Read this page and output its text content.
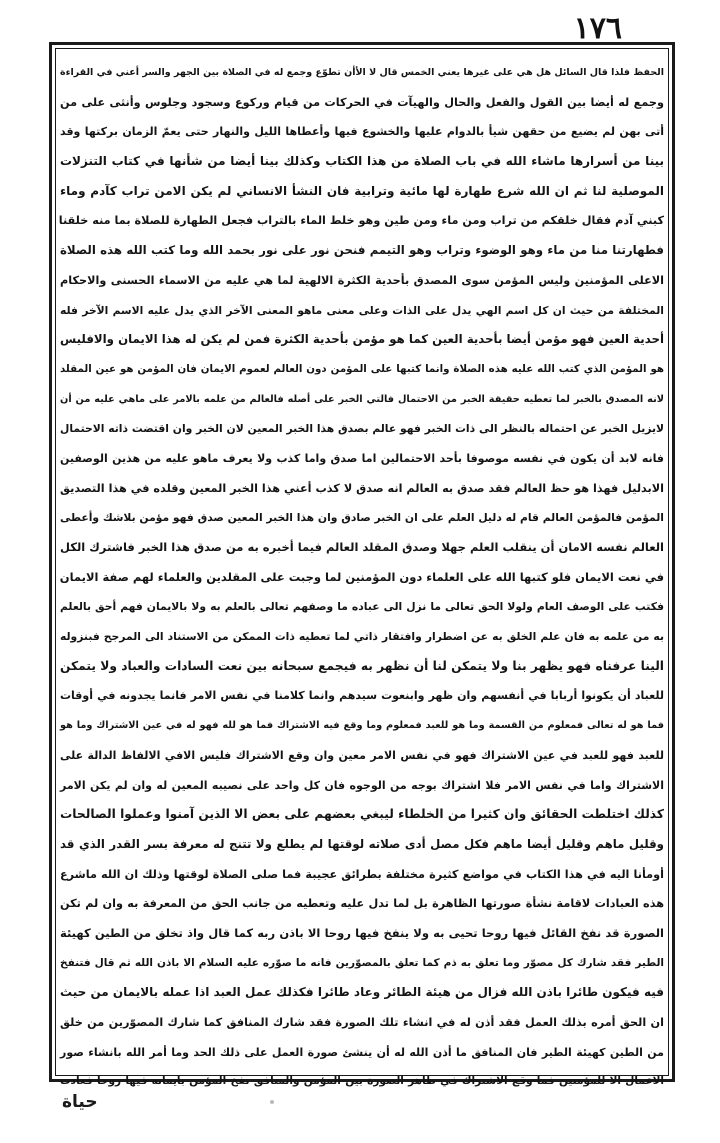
١٧٦
الحفظ فلذا قال السائل هل هي على غيرها يعني الخمس قال لا الأأن تطوّع وجمع له في الصلاة بين الجهر والسر أعني في القراءة
وجمع له أيضا بين القول والفعل والحال والهيآت في الحركات من قيام وركوع وسجود وجلوس وأنثى على من
أتى بهن لم يضيع من حقهن شيأ بالدوام عليها والخشوع فيها وأعطاها الليل والنهار حتى يعمّ الزمان بركتها وقد
بينا من أسرارها ماشاء الله في باب الصلاة من هذا الكتاب وكذلك بينا أيضا من شأنها في كتاب التنزلات
الموصلية لنا ثم ان الله شرع طهارة لها مائية وترابية فان النشأ الانساني لم يكن الامن تراب كآدم وماء
كبني آدم فقال خلقكم من تراب ومن ماء ومن طين وهو خلط الماء بالتراب فجعل الطهارة للصلاة بما منه خلقنا
فطهارتنا منا من ماء وهو الوضوء وتراب وهو التيمم فنحن نور على نور بحمد الله وما كتب الله هذه الصلاة
الاعلى المؤمنين وليس المؤمن سوى المصدق بأحدية الكثرة الالهية لما هي عليه من الاسماء الحسنى والاحكام
المختلفة من حيث ان كل اسم الهي يدل على الذات وعلى معنى ماهو المعنى الآخر الذي يدل عليه الاسم الآخر فله
أحدية العين فهو مؤمن أيضا بأحدية العين كما هو مؤمن بأحدية الكثرة فمن لم يكن له هذا الايمان والافليس
هو المؤمن الذي كتب الله عليه هذه الصلاة وانما كتبها على المؤمن دون العالم لعموم الايمان فان المؤمن هو عين المقلد
لانه المصدق بالخبر لما تعطيه حقيقة الخبر من الاحتمال فالتي الخبر على أصله فالعالم من علمه بالامر على ماهي عليه من أن
لايزيل الخبر عن احتماله بالنظر الى ذات الخبر فهو عالم بصدق هذا الخبر المعين لان الخبر وان اقتضت ذاته الاحتمال
فانه لابد أن يكون في نفسه موصوفا بأحد الاحتمالين اما صدق واما كذب ولا يعرف ماهو عليه من هذين الوصفين
الابدليل فهذا هو حظ العالم فقد صدق به العالم انه صدق لا كذب أعني هذا الخبر المعين وقلده في هذا التصديق
المؤمن فالمؤمن العالم قام له دليل العلم على ان الخبر صادق وان هذا الخبر المعين صدق فهو مؤمن بلاشك وأعطى
العالم نفسه الامان أن ينقلب العلم جهلا وصدق المقلد العالم فيما أخبره به من صدق هذا الخبر فاشترك الكل
في نعت الايمان فلو كتبها الله على العلماء دون المؤمنين لما وجبت على المقلدين والعلماء لهم صفة الايمان
فكتب على الوصف العام ولولا الحق تعالى ما نزل الى عباده ما وصفهم تعالى بالعلم به ولا بالايمان فهم أحق بالعلم
به من علمه به فان علم الخلق به عن اضطرار وافتقار ذاتي لما تعطيه ذات الممكن من الاستناد الى المرجح فبنزوله
الينا عرفناه فهو يظهر بنا ولا يتمكن لنا أن نظهر به فيجمع سبحانه بين نعت السادات والعباد ولا يتمكن
للعباد أن يكونوا أربابا في أنفسهم وان ظهر وابنعوت سيدهم وانما كلامنا في نفس الامر فانما يجدونه في أوقات
فما هو له تعالى فمعلوم من القسمة وما هو للعبد فمعلوم وما وقع فيه الاشتراك فما هو لله فهو له في عين الاشتراك وما هو
للعبد فهو للعبد في عين الاشتراك فهو في نفس الامر معين وان وقع الاشتراك فليس الافي الالفاظ الدالة على
الاشتراك واما في نفس الامر فلا اشتراك بوجه من الوجوه فان كل واحد على نصيبه المعين له وان لم يكن الامر
كذلك اختلطت الحقائق وان كثيرا من الخلطاء ليبغي بعضهم على بعض الا الذين آمنوا وعملوا الصالحات
وقليل ماهم وقليل أيضا ماهم فكل مصل أدى صلاته لوقتها لم يطلع ولا تتنج له معرفة بسر القدر الذي قد
أومأنا اليه في هذا الكتاب في مواضع كثيرة مختلفة بطرائق عجيبة فما صلى الصلاة لوقتها وذلك ان الله ماشرع
هذه العبادات لاقامة نشأة صورتها الظاهرة بل لما تدل عليه وتعطيه من جانب الحق من المعرفة به وان لم تكن
الصورة قد نفخ القائل فيها روحا تحيى به ولا ينفخ فيها روحا الا باذن ربه كما قال واذ تخلق من الطين كهيئة
الطير فقد شارك كل مصوّر وما تعلق به ذم كما تعلق بالمصوّرين فانه ما صوّره عليه السلام الا باذن الله ثم قال فتنفخ
فيه فيكون طائرا باذن الله فزال من هيئة الطائر وعاد طائرا فكذلك عمل العبد اذا عمله بالايمان من حيث
ان الحق أمره بذلك العمل فقد أذن له في انشاء تلك الصورة فقد شارك المنافق كما شارك المصوّرين من خلق
من الطين كهيئة الطير فان المنافق ما أذن الله له أن ينشئ صورة العمل على ذلك الحد وما أمر الله بانشاء صور
الاعمال الا للمؤمنين فما وقع الاشتراك في ظاهر الصورة بين المؤمن والمنافق نفخ المؤمن بايمانه فيها روحا فعادت
حياة
